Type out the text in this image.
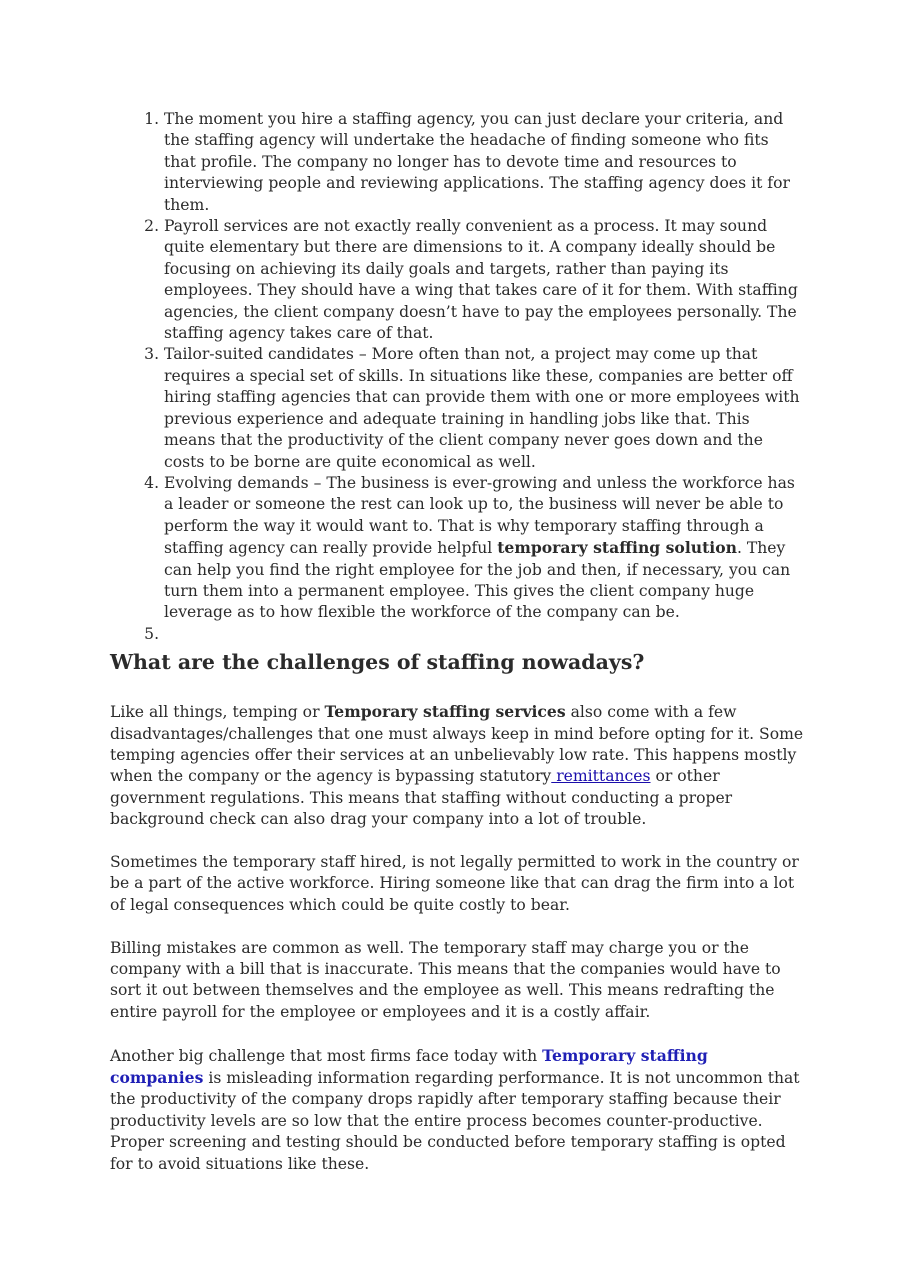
1. The moment you hire a staffing agency, you can just declare your criteria, and the staffing agency will undertake the headache of finding someone who fits that profile. The company no longer has to devote time and resources to interviewing people and reviewing applications. The staffing agency does it for them.
2. Payroll services are not exactly really convenient as a process. It may sound quite elementary but there are dimensions to it. A company ideally should be focusing on achieving its daily goals and targets, rather than paying its employees. They should have a wing that takes care of it for them. With staffing agencies, the client company doesn’t have to pay the employees personally. The staffing agency takes care of that.
3. Tailor-suited candidates – More often than not, a project may come up that requires a special set of skills. In situations like these, companies are better off hiring staffing agencies that can provide them with one or more employees with previous experience and adequate training in handling jobs like that. This means that the productivity of the client company never goes down and the costs to be borne are quite economical as well.
4. Evolving demands – The business is ever-growing and unless the workforce has a leader or someone the rest can look up to, the business will never be able to perform the way it would want to. That is why temporary staffing through a staffing agency can really provide helpful temporary staffing solution. They can help you find the right employee for the job and then, if necessary, you can turn them into a permanent employee. This gives the client company huge leverage as to how flexible the workforce of the company can be.
5.
What are the challenges of staffing nowadays?

Like all things, temping or Temporary staffing services also come with a few disadvantages/challenges that one must always keep in mind before opting for it. Some temping agencies offer their services at an unbelievably low rate. This happens mostly when the company or the agency is bypassing statutory remittances or other government regulations. This means that staffing without conducting a proper background check can also drag your company into a lot of trouble.

Sometimes the temporary staff hired, is not legally permitted to work in the country or be a part of the active workforce. Hiring someone like that can drag the firm into a lot of legal consequences which could be quite costly to bear.

Billing mistakes are common as well. The temporary staff may charge you or the company with a bill that is inaccurate. This means that the companies would have to sort it out between themselves and the employee as well. This means redrafting the entire payroll for the employee or employees and it is a costly affair.

Another big challenge that most firms face today with Temporary staffing companies is misleading information regarding performance. It is not uncommon that the productivity of the company drops rapidly after temporary staffing because their productivity levels are so low that the entire process becomes counter-productive. Proper screening and testing should be conducted before temporary staffing is opted for to avoid situations like these.
